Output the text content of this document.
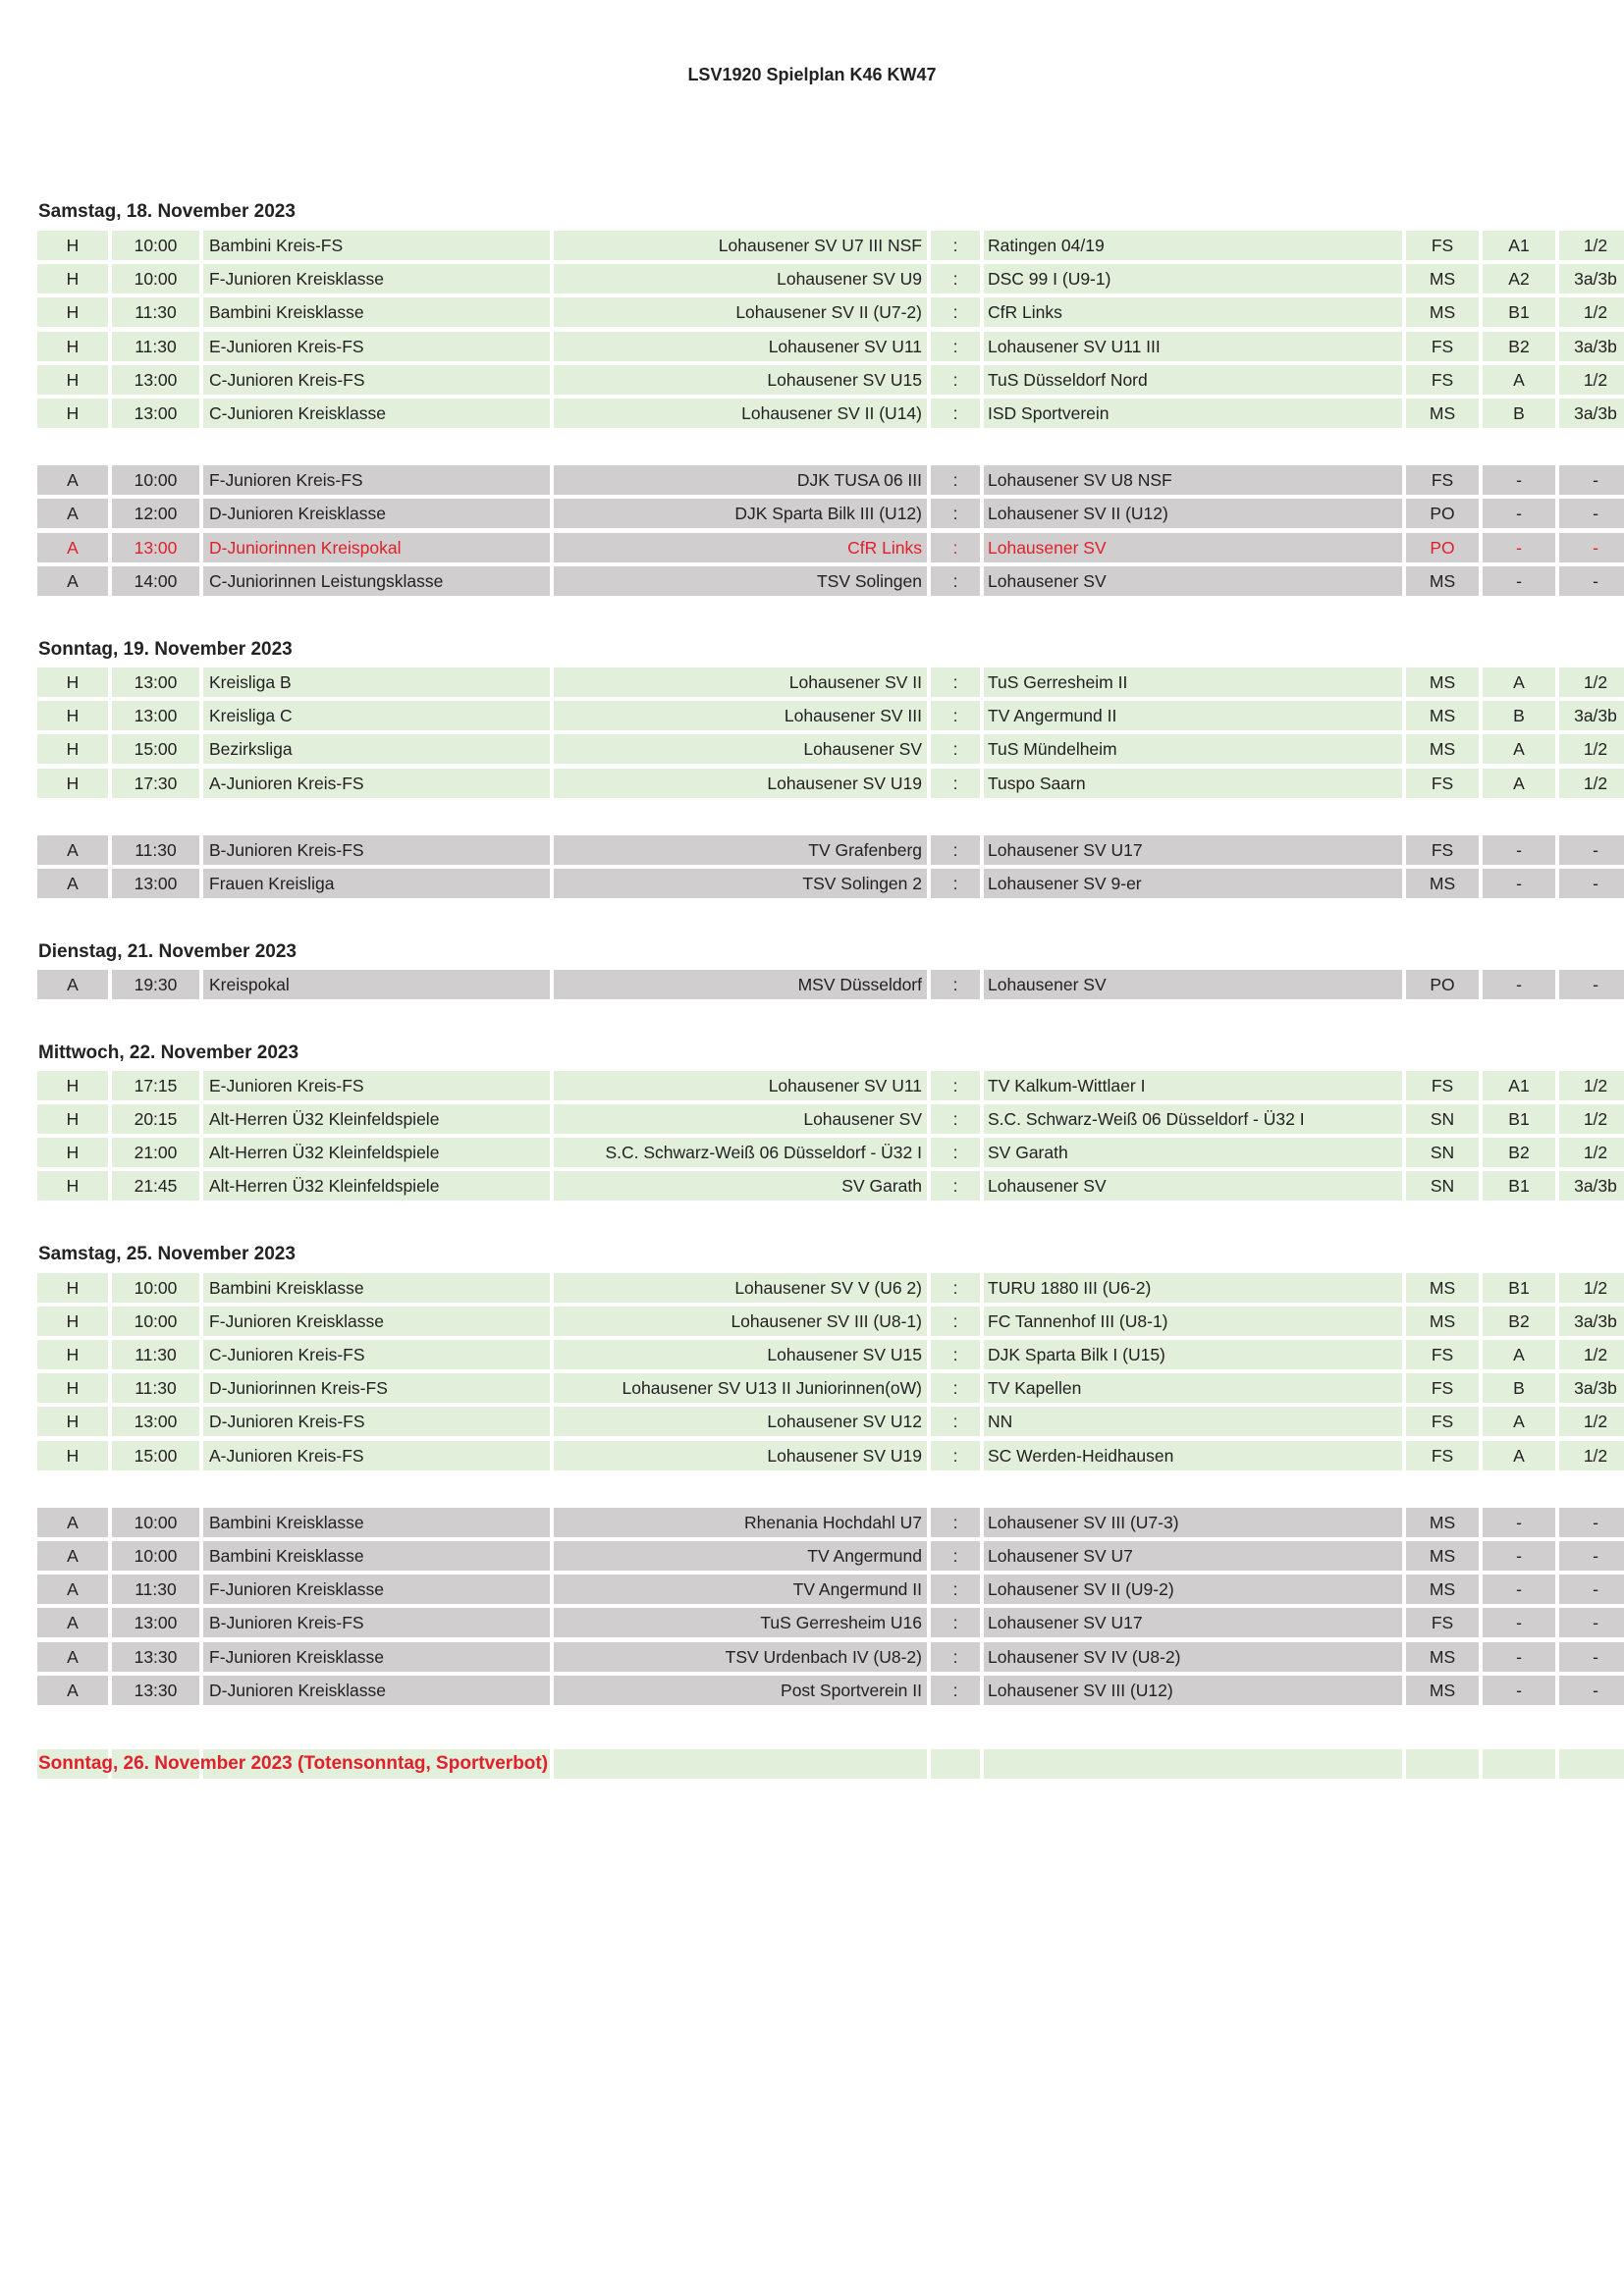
LSV1920 Spielplan K46 KW47
Samstag, 18. November 2023
Sonntag, 19. November 2023
Dienstag, 21. November 2023
Mittwoch, 22. November 2023
Samstag, 25. November 2023
Sonntag, 26. November 2023 (Totensonntag, Sportverbot)
H	10:00	Bambini Kreis-FS	Lohausener SV U7 III NSF	:	Ratingen 04/19	FS	A1	1/2
H	10:00	F-Junioren Kreisklasse	Lohausener SV U9	:	DSC 99 I (U9-1)	MS	A2	3a/3b
H	11:30	Bambini Kreisklasse	Lohausener SV II (U7-2)	:	CfR Links	MS	B1	1/2
H	11:30	E-Junioren Kreis-FS	Lohausener SV U11	:	Lohausener SV U11 III	FS	B2	3a/3b
H	13:00	C-Junioren Kreis-FS	Lohausener SV U15	:	TuS Düsseldorf Nord	FS	A	1/2
H	13:00	C-Junioren Kreisklasse	Lohausener SV II (U14)	:	ISD Sportverein	MS	B	3a/3b
A	10:00	F-Junioren Kreis-FS	DJK TUSA 06 III	:	Lohausener SV U8 NSF	FS	-	-
A	12:00	D-Junioren Kreisklasse	DJK Sparta Bilk III (U12)	:	Lohausener SV II (U12)	PO	-	-
A	13:00	D-Juniorinnen Kreispokal	CfR Links	:	Lohausener SV	PO	-	-
A	14:00	C-Juniorinnen Leistungsklasse	TSV Solingen	:	Lohausener SV	MS	-	-
H	13:00	Kreisliga B	Lohausener SV II	:	TuS Gerresheim II	MS	A	1/2
H	13:00	Kreisliga C	Lohausener SV III	:	TV Angermund II	MS	B	3a/3b
H	15:00	Bezirksliga	Lohausener SV	:	TuS Mündelheim	MS	A	1/2
H	17:30	A-Junioren Kreis-FS	Lohausener SV U19	:	Tuspo Saarn	FS	A	1/2
A	11:30	B-Junioren Kreis-FS	TV Grafenberg	:	Lohausener SV U17	FS	-	-
A	13:00	Frauen Kreisliga	TSV Solingen 2	:	Lohausener SV 9-er	MS	-	-
A	19:30	Kreispokal	MSV Düsseldorf	:	Lohausener SV	PO	-	-
H	17:15	E-Junioren Kreis-FS	Lohausener SV U11	:	TV Kalkum-Wittlaer I	FS	A1	1/2
H	20:15	Alt-Herren Ü32 Kleinfeldspiele	Lohausener SV	:	S.C. Schwarz-Weiß 06 Düsseldorf - Ü32 I	SN	B1	1/2
H	21:00	Alt-Herren Ü32 Kleinfeldspiele	S.C. Schwarz-Weiß 06 Düsseldorf - Ü32 I	:	SV Garath	SN	B2	1/2
H	21:45	Alt-Herren Ü32 Kleinfeldspiele	SV Garath	:	Lohausener SV	SN	B1	3a/3b
H	10:00	Bambini Kreisklasse	Lohausener SV V (U6 2)	:	TURU 1880 III (U6-2)	MS	B1	1/2
H	10:00	F-Junioren Kreisklasse	Lohausener SV III (U8-1)	:	FC Tannenhof III (U8-1)	MS	B2	3a/3b
H	11:30	C-Junioren Kreis-FS	Lohausener SV U15	:	DJK Sparta Bilk I (U15)	FS	A	1/2
H	11:30	D-Juniorinnen Kreis-FS	Lohausener SV U13 II Juniorinnen(oW)	:	TV Kapellen	FS	B	3a/3b
H	13:00	D-Junioren Kreis-FS	Lohausener SV U12	:	NN	FS	A	1/2
H	15:00	A-Junioren Kreis-FS	Lohausener SV U19	:	SC Werden-Heidhausen	FS	A	1/2
A	10:00	Bambini Kreisklasse	Rhenania Hochdahl U7	:	Lohausener SV III (U7-3)	MS	-	-
A	10:00	Bambini Kreisklasse	TV Angermund	:	Lohausener SV U7	MS	-	-
A	11:30	F-Junioren Kreisklasse	TV Angermund II	:	Lohausener SV II (U9-2)	MS	-	-
A	13:00	B-Junioren Kreis-FS	TuS Gerresheim U16	:	Lohausener SV U17	FS	-	-
A	13:30	F-Junioren Kreisklasse	TSV Urdenbach IV (U8-2)	:	Lohausener SV IV (U8-2)	MS	-	-
A	13:30	D-Junioren Kreisklasse	Post Sportverein II	:	Lohausener SV III (U12)	MS	-	-
